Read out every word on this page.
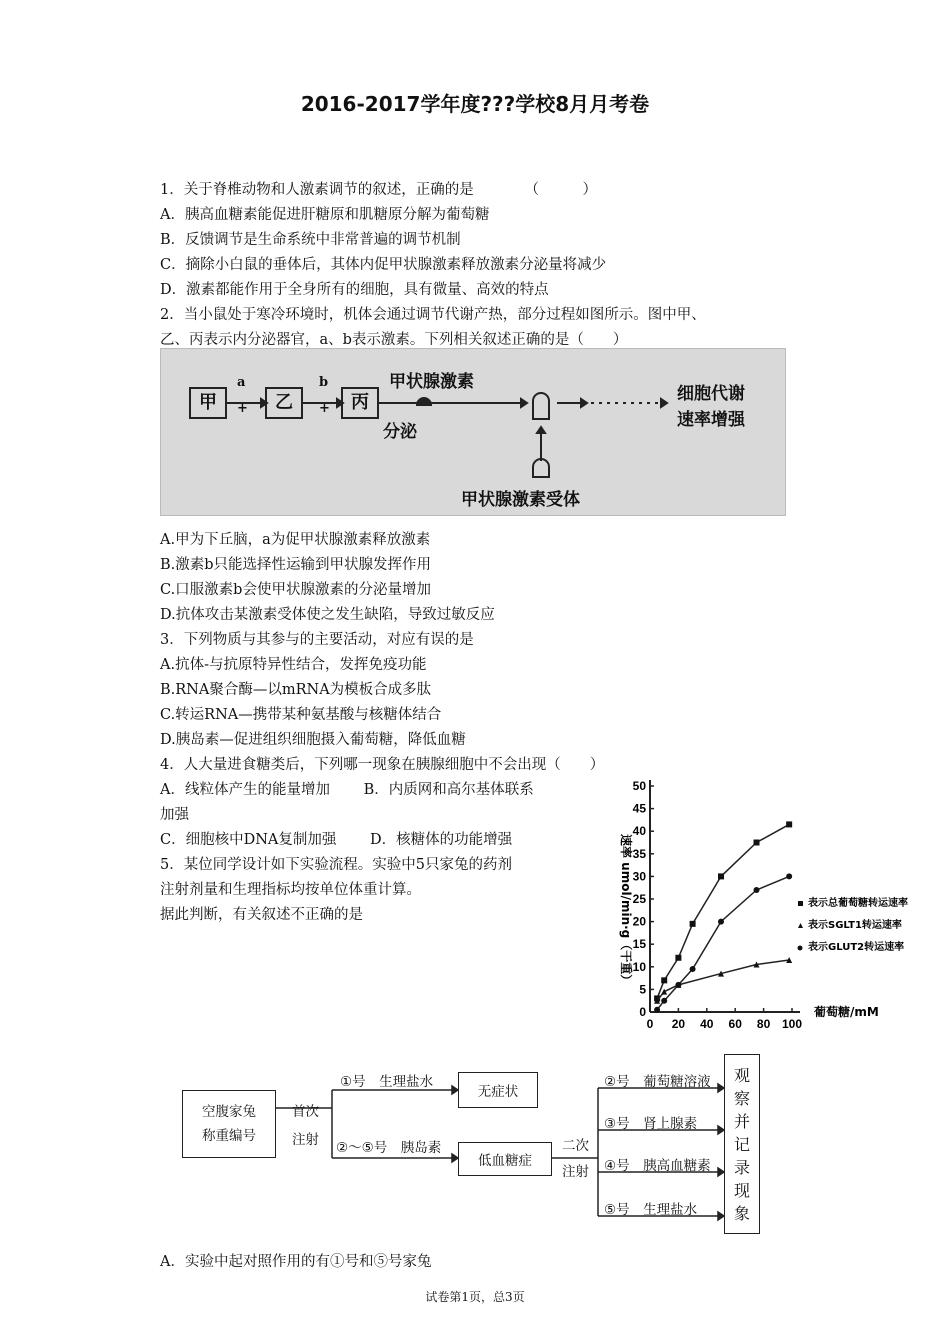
2016-2017学年度???学校8月月考卷
1．关于脊椎动物和人激素调节的叙述，正确的是　　　　（　　　）
A．胰高血糖素能促进肝糖原和肌糖原分解为葡萄糖
B．反馈调节是生命系统中非常普遍的调节机制
C．摘除小白鼠的垂体后，其体内促甲状腺激素释放激素分泌量将减少
D．激素都能作用于全身所有的细胞，具有微量、高效的特点
2．当小鼠处于寒冷环境时，机体会通过调节代谢产热，部分过程如图所示。图中甲、
乙、丙表示内分泌器官，a、b表示激素。下列相关叙述正确的是（　　）
甲
a
+	乙
b
+	丙
甲状腺激素
分泌
细胞代谢
速率增强
甲状腺激素受体
A.甲为下丘脑，a为促甲状腺激素释放激素
B.激素b只能选择性运输到甲状腺发挥作用
C.口服激素b会使甲状腺激素的分泌量增加
D.抗体攻击某激素受体使之发生缺陷，导致过敏反应
3．下列物质与其参与的主要活动，对应有误的是
A.抗体-与抗原特异性结合，发挥免疫功能
B.RNA聚合酶—以mRNA为模板合成多肽
C.转运RNA—携带某种氨基酸与核糖体结合
D.胰岛素—促进组织细胞摄入葡萄糖，降低血糖
4．人大量进食糖类后，下列哪一现象在胰腺细胞中不会出现（　　）
A．线粒体产生的能量增加　　 B．内质网和高尔基体联系
加强
C．细胞核中DNA复制加强　　 D．核糖体的功能增强
5．某位同学设计如下实验流程。实验中5只家兔的药剂
注射剂量和生理指标均按单位体重计算。
据此判断，有关叙述不正确的是
0
5
10
15
20
25
30
35
40
45
50
0 20 40 60 80 100
葡萄糖/mM
速率 umol/min·g（干重）	表示总葡萄糖转运速率
表示SGLT1转运速率
表示GLUT2转运速率
空腹家兔
称重编号
首次
注射
①号　生理盐水
②～⑤号　胰岛素
无症状
低血糖症
二次
注射
②号　葡萄糖溶液
③号　肾上腺素
④号　胰高血糖素
⑤号　生理盐水
观
察
并
记
录
现
象
A．实验中起对照作用的有①号和⑤号家兔
试卷第1页，总3页
